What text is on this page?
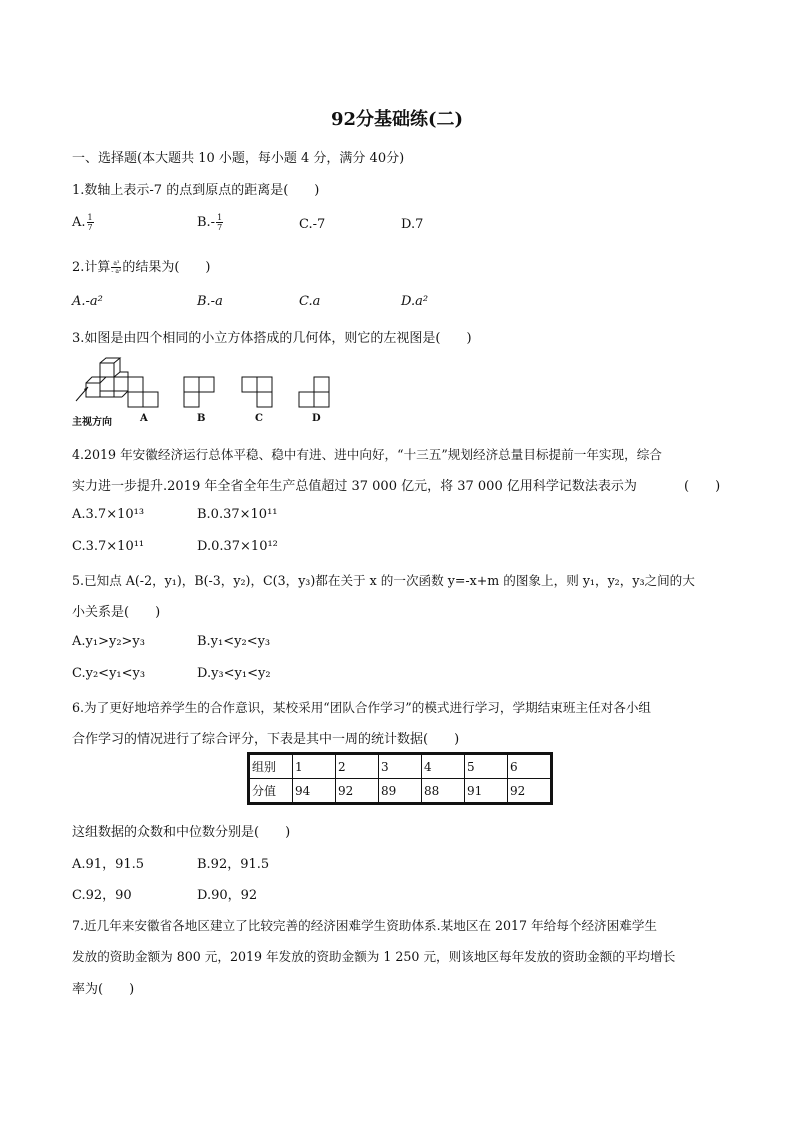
92分基础练(二)
一、选择题(本大题共 10 小题，每小题 4 分，满分 40分)
1.数轴上表示-7 的点到原点的距离是(　　)
A. $\frac{1}{7}$	$B.- \frac{1}{7}$	C.-7	D.7
2.计算 $\frac{\text{a³}}{\text{- a²}}$ 的结果为(　　)
A.-a²	B.-a	C.a	D.a²
3.如图是由四个相同的小立方体搭成的几何体，则它的左视图是(　　)
主视方向	A	B	C	D
4.2019 年安徽经济运行总体平稳、稳中有进、进中向好，“十三五”规划经济总量目标提前一年实现，综合
实力进一步提升.2019 年全省全年生产总值超过 37 000 亿元，将 37 000 亿用科学记数法表示为	(　　)
A.3.7×10¹³	B.0.37×10¹¹
C.3.7×10¹¹	D.0.37×10¹²
5.已知点 A(-2，y₁)，B(-3，y₂)，C(3，y₃)都在关于 x 的一次函数 y=-x+m 的图象上，则 y₁，y₂，y₃之间的大
小关系是(　　)
A.y₁>y₂>y₃	B.y₁<y₂<y₃
C.y₂<y₁<y₃	D.y₃<y₁<y₂
6.为了更好地培养学生的合作意识，某校采用“团队合作学习”的模式进行学习，学期结束班主任对各小组
合作学习的情况进行了综合评分，下表是其中一周的统计数据(　　)
组别	1	2	3	4	5	6
分值	94	92	89	88	91	92
这组数据的众数和中位数分别是(　　)
A.91，91.5	B.92，91.5
C.92，90	D.90，92
7.近几年来安徽省各地区建立了比较完善的经济困难学生资助体系.某地区在 2017 年给每个经济困难学生
发放的资助金额为 800 元，2019 年发放的资助金额为 1 250 元，则该地区每年发放的资助金额的平均增长
率为(　　)
